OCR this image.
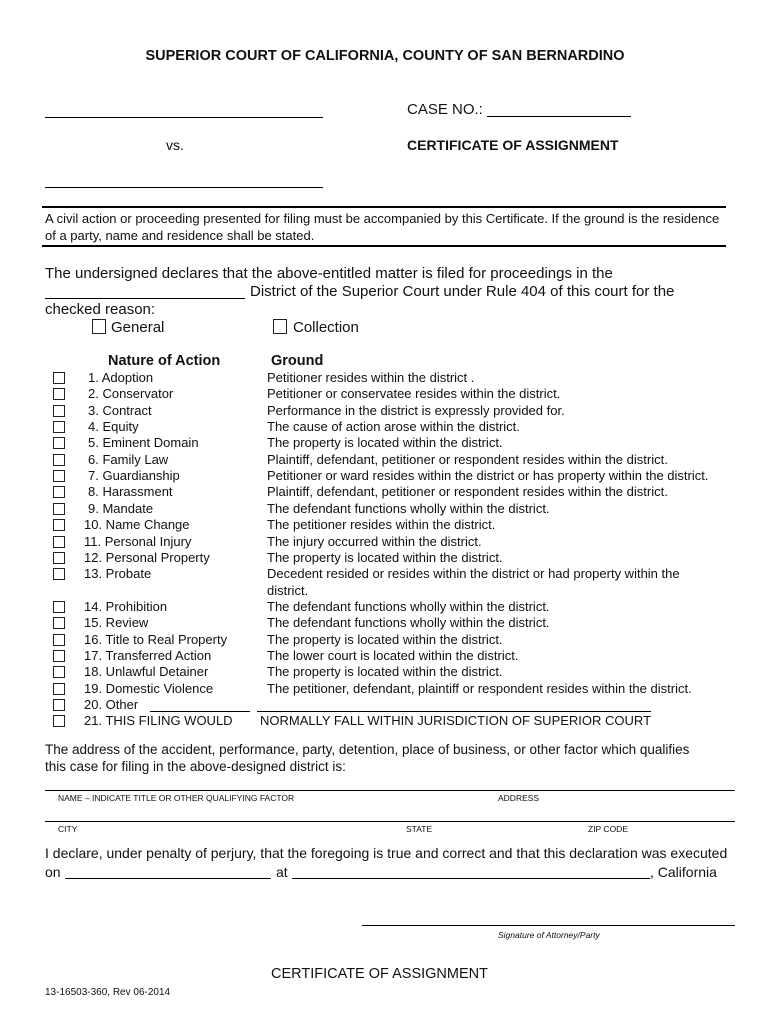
SUPERIOR COURT OF CALIFORNIA, COUNTY OF SAN BERNARDINO
CASE NO.:
vs.	CERTIFICATE OF ASSIGNMENT
A civil action or proceeding presented for filing must be accompanied by this Certificate. If the ground is the residence of a party, name and residence shall be stated.
The undersigned declares that the above-entitled matter is filed for proceedings in the
District of the Superior Court under Rule 404 of this court for the
checked reason:
General	Collection
Nature of Action	Ground
1. Adoption	Petitioner resides within the district .
2. Conservator	Petitioner or conservatee resides within the district.
3. Contract	Performance in the district is expressly provided for.
4. Equity	The cause of action arose within the district.
5. Eminent Domain	The property is located within the district.
6. Family Law	Plaintiff, defendant, petitioner or respondent resides within the district.
7. Guardianship	Petitioner or ward resides within the district or has property within the district.
8. Harassment	Plaintiff, defendant, petitioner or respondent resides within the district.
9. Mandate	The defendant functions wholly within the district.
10. Name Change	The petitioner resides within the district.
11. Personal Injury	The injury occurred within the district.
12. Personal Property	The property is located within the district.
13. Probate	Decedent resided or resides within the district or had property within the
district.
14. Prohibition	The defendant functions wholly within the district.
15. Review	The defendant functions wholly within the district.
16. Title to Real Property	The property is located within the district.
17. Transferred Action	The lower court is located within the district.
18. Unlawful Detainer	The property is located within the district.
19. Domestic Violence	The petitioner, defendant, plaintiff or respondent resides within the district.
20. Other
21. THIS FILING WOULD NORMALLY FALL WITHIN JURISDICTION OF SUPERIOR COURT
The address of the accident, performance, party, detention, place of business, or other factor which qualifies
this case for filing in the above-designed district is:
NAME – INDICATE TITLE OR OTHER QUALIFYING FACTOR	ADDRESS
CITY	STATE	ZIP CODE
I declare, under penalty of perjury, that the foregoing is true and correct and that this declaration was executed
on	at	, California
Signature of Attorney/Party
CERTIFICATE OF ASSIGNMENT
13-16503-360, Rev 06-2014
